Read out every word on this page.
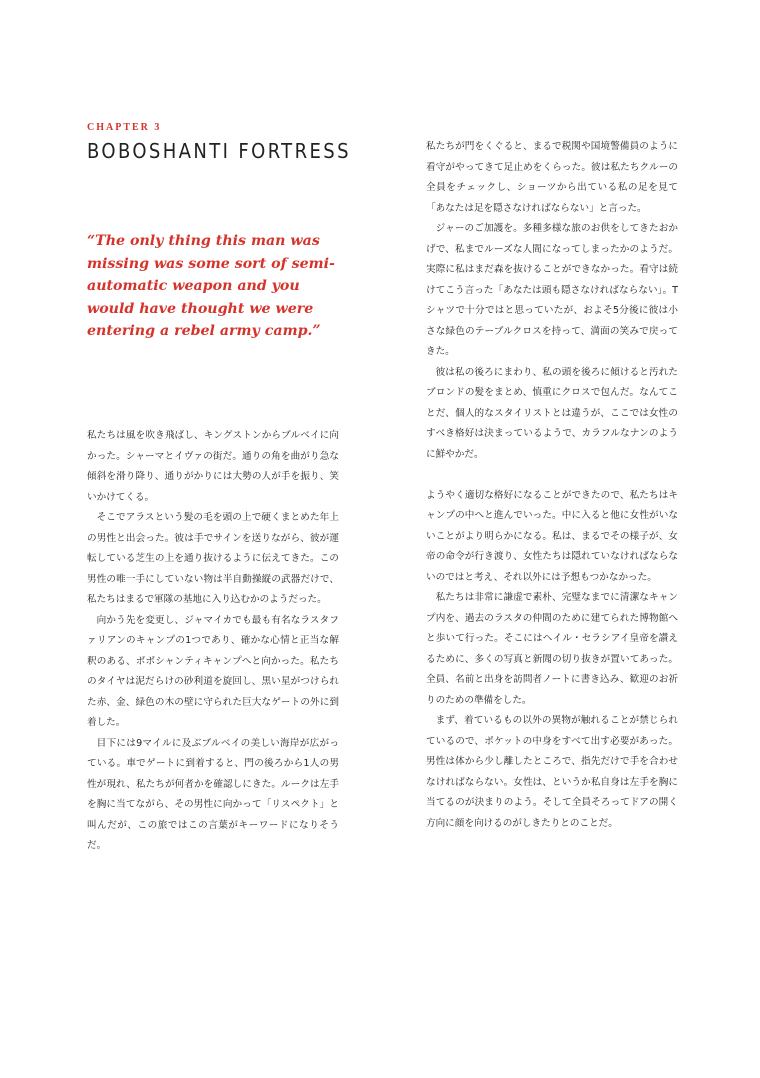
CHAPTER 3
BOBOSHANTI FORTRESS
“The only thing this man was
missing was some sort of semi-
automatic weapon and you
would have thought we were
entering a rebel army camp.”

私たちは風を吹き飛ばし、キングストンからブルベイに向かった。シャーマとイヴァの街だ。通りの角を曲がり急な傾斜を滑り降り、通りがかりには大勢の人が手を振り、笑いかけてくる。

そこでアラスという髪の毛を頭の上で硬くまとめた年上の男性と出会った。彼は手でサインを送りながら、彼が運転している芝生の上を通り抜けるように伝えてきた。この男性の唯一手にしていない物は半自動操縦の武器だけで、私たちはまるで軍隊の基地に入り込むかのようだった。

向かう先を変更し、ジャマイカでも最も有名なラスタファリアンのキャンプの1つであり、確かな心情と正当な解釈のある、ボボシャンティキャンプへと向かった。私たちのタイヤは泥だらけの砂利道を旋回し、黒い星がつけられた赤、金、緑色の木の壁に守られた巨大なゲートの外に到着した。

目下には9マイルに及ぶブルベイの美しい海岸が広がっている。車でゲートに到着すると、門の後ろから1人の男性が現れ、私たちが何者かを確認しにきた。ルークは左手を胸に当てながら、その男性に向かって「リスペクト」と叫んだが、この旅ではこの言葉がキーワードになりそうだ。

私たちが門をくぐると、まるで税関や国境警備員のように看守がやってきて足止めをくらった。彼は私たちクルーの全員をチェックし、ショーツから出ている私の足を見て「あなたは足を隠さなければならない」と言った。

ジャーのご加護を。多種多様な旅のお供をしてきたおかげで、私までルーズな人間になってしまったかのようだ。実際に私はまだ森を抜けることができなかった。看守は続けてこう言った「あなたは頭も隠さなければならない」。Tシャツで十分ではと思っていたが、およそ5分後に彼は小さな緑色のテーブルクロスを持って、満面の笑みで戻ってきた。

彼は私の後ろにまわり、私の頭を後ろに傾けると汚れたブロンドの髪をまとめ、慎重にクロスで包んだ。なんてことだ、個人的なスタイリストとは違うが、ここでは女性のすべき格好は決まっているようで、カラフルなナンのように鮮やかだ。

ようやく適切な格好になることができたので、私たちはキャンプの中へと進んでいった。中に入ると他に女性がいないことがより明らかになる。私は、まるでその様子が、女帝の命令が行き渡り、女性たちは隠れていなければならないのではと考え、それ以外には予想もつかなかった。

私たちは非常に謙虚で素朴、完璧なまでに清潔なキャンプ内を、過去のラスタの仲間のために建てられた博物館へと歩いて行った。そこにはヘイル・セラシアイ皇帝を讃えるために、多くの写真と新聞の切り抜きが置いてあった。全員、名前と出身を訪問者ノートに書き込み、歓迎のお祈りのための準備をした。

まず、着ているもの以外の異物が触れることが禁じられているので、ポケットの中身をすべて出す必要があった。男性は体から少し離したところで、指先だけで手を合わせなければならない。女性は、というか私自身は左手を胸に当てるのが決まりのよう。そして全員そろってドアの開く方向に顔を向けるのがしきたりとのことだ。
